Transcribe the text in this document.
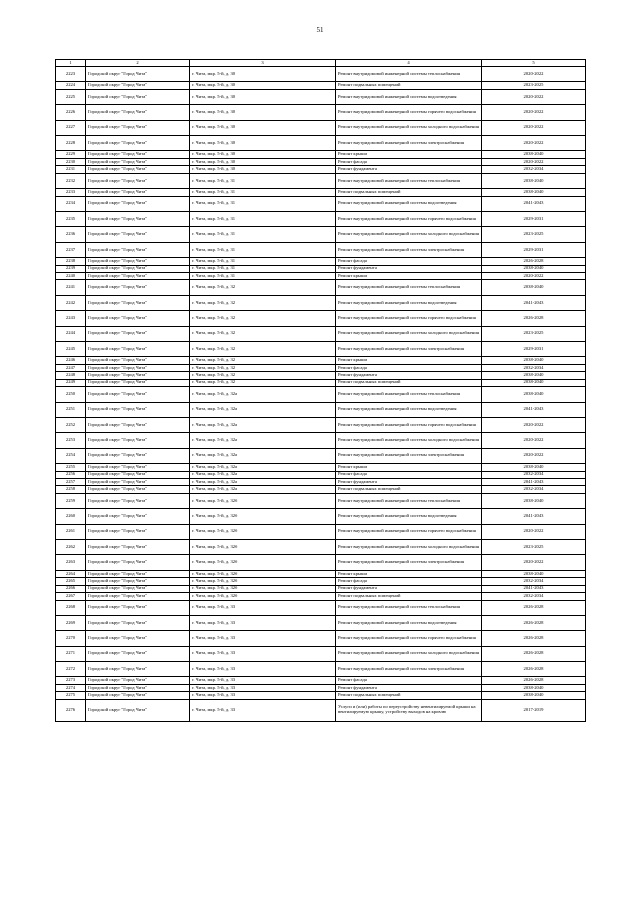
51
1	2	3	4	5
2223	Городской округ "Город Чита"	г. Чита, мкр. 5-й, д. 30	Ремонт внутридомовой инженерной системы теплоснабжения	2020-2022
2224	Городской округ "Город Чита"	г. Чита, мкр. 5-й, д. 30	Ремонт подвальных помещений	2023-2025
2225	Городской округ "Город Чита"	г. Чита, мкр. 5-й, д. 30	Ремонт внутридомовой инженерной системы водоотведения	2020-2022
2226	Городской округ "Город Чита"	г. Чита, мкр. 5-й, д. 30	Ремонт внутридомовой инженерной системы горячего водоснабжения	2020-2022
2227	Городской округ "Город Чита"	г. Чита, мкр. 5-й, д. 30	Ремонт внутридомовой инженерной системы холодного водоснабжения	2020-2022
2228	Городской округ "Город Чита"	г. Чита, мкр. 5-й, д. 30	Ремонт внутридомовой инженерной системы электроснабжения	2020-2022
2229	Городской округ "Город Чита"	г. Чита, мкр. 5-й, д. 30	Ремонт крыши	2038-2040
2230	Городской округ "Город Чита"	г. Чита, мкр. 5-й, д. 30	Ремонт фасада	2020-2022
2231	Городской округ "Город Чита"	г. Чита, мкр. 5-й, д. 30	Ремонт фундамента	2032-2034
2232	Городской округ "Город Чита"	г. Чита, мкр. 5-й, д. 31	Ремонт внутридомовой инженерной системы теплоснабжения	2038-2040
2233	Городской округ "Город Чита"	г. Чита, мкр. 5-й, д. 31	Ремонт подвальных помещений	2038-2040
2234	Городской округ "Город Чита"	г. Чита, мкр. 5-й, д. 31	Ремонт внутридомовой инженерной системы водоотведения	2041-2043
2235	Городской округ "Город Чита"	г. Чита, мкр. 5-й, д. 31	Ремонт внутридомовой инженерной системы горячего водоснабжения	2029-2031
2236	Городской округ "Город Чита"	г. Чита, мкр. 5-й, д. 31	Ремонт внутридомовой инженерной системы холодного водоснабжения	2023-2025
2237	Городской округ "Город Чита"	г. Чита, мкр. 5-й, д. 31	Ремонт внутридомовой инженерной системы электроснабжения	2029-2031
2238	Городской округ "Город Чита"	г. Чита, мкр. 5-й, д. 31	Ремонт фасада	2026-2028
2239	Городской округ "Город Чита"	г. Чита, мкр. 5-й, д. 31	Ремонт фундамента	2038-2040
2240	Городской округ "Город Чита"	г. Чита, мкр. 5-й, д. 31	Ремонт крыши	2020-2022
2241	Городской округ "Город Чита"	г. Чита, мкр. 5-й, д. 32	Ремонт внутридомовой инженерной системы теплоснабжения	2038-2040
2242	Городской округ "Город Чита"	г. Чита, мкр. 5-й, д. 32	Ремонт внутридомовой инженерной системы водоотведения	2041-2043
2243	Городской округ "Город Чита"	г. Чита, мкр. 5-й, д. 32	Ремонт внутридомовой инженерной системы горячего водоснабжения	2026-2028
2244	Городской округ "Город Чита"	г. Чита, мкр. 5-й, д. 32	Ремонт внутридомовой инженерной системы холодного водоснабжения	2023-2025
2245	Городской округ "Город Чита"	г. Чита, мкр. 5-й, д. 32	Ремонт внутридомовой инженерной системы электроснабжения	2029-2031
2246	Городской округ "Город Чита"	г. Чита, мкр. 5-й, д. 32	Ремонт крыши	2038-2040
2247	Городской округ "Город Чита"	г. Чита, мкр. 5-й, д. 32	Ремонт фасада	2032-2034
2248	Городской округ "Город Чита"	г. Чита, мкр. 5-й, д. 32	Ремонт фундамента	2038-2040
2249	Городской округ "Город Чита"	г. Чита, мкр. 5-й, д. 32	Ремонт подвальных помещений	2038-2040
2250	Городской округ "Город Чита"	г. Чита, мкр. 5-й, д. 32а	Ремонт внутридомовой инженерной системы теплоснабжения	2038-2040
2251	Городской округ "Город Чита"	г. Чита, мкр. 5-й, д. 32а	Ремонт внутридомовой инженерной системы водоотведения	2041-2043
2252	Городской округ "Город Чита"	г. Чита, мкр. 5-й, д. 32а	Ремонт внутридомовой инженерной системы горячего водоснабжения	2020-2022
2253	Городской округ "Город Чита"	г. Чита, мкр. 5-й, д. 32а	Ремонт внутридомовой инженерной системы холодного водоснабжения	2020-2022
2254	Городской округ "Город Чита"	г. Чита, мкр. 5-й, д. 32а	Ремонт внутридомовой инженерной системы электроснабжения	2020-2022
2255	Городской округ "Город Чита"	г. Чита, мкр. 5-й, д. 32а	Ремонт крыши	2038-2040
2256	Городской округ "Город Чита"	г. Чита, мкр. 5-й, д. 32а	Ремонт фасада	2032-2034
2257	Городской округ "Город Чита"	г. Чита, мкр. 5-й, д. 32а	Ремонт фундамента	2041-2043
2258	Городской округ "Город Чита"	г. Чита, мкр. 5-й, д. 32а	Ремонт подвальных помещений	2032-2034
2259	Городской округ "Город Чита"	г. Чита, мкр. 5-й, д. 32б	Ремонт внутридомовой инженерной системы теплоснабжения	2038-2040
2260	Городской округ "Город Чита"	г. Чита, мкр. 5-й, д. 32б	Ремонт внутридомовой инженерной системы водоотведения	2041-2043
2261	Городской округ "Город Чита"	г. Чита, мкр. 5-й, д. 32б	Ремонт внутридомовой инженерной системы горячего водоснабжения	2020-2022
2262	Городской округ "Город Чита"	г. Чита, мкр. 5-й, д. 32б	Ремонт внутридомовой инженерной системы холодного водоснабжения	2023-2025
2263	Городской округ "Город Чита"	г. Чита, мкр. 5-й, д. 32б	Ремонт внутридомовой инженерной системы электроснабжения	2020-2022
2264	Городской округ "Город Чита"	г. Чита, мкр. 5-й, д. 32б	Ремонт крыши	2038-2040
2265	Городской округ "Город Чита"	г. Чита, мкр. 5-й, д. 32б	Ремонт фасада	2032-2034
2266	Городской округ "Город Чита"	г. Чита, мкр. 5-й, д. 32б	Ремонт фундамента	2041-2043
2267	Городской округ "Город Чита"	г. Чита, мкр. 5-й, д. 32б	Ремонт подвальных помещений	2032-2034
2268	Городской округ "Город Чита"	г. Чита, мкр. 5-й, д. 33	Ремонт внутридомовой инженерной системы теплоснабжения	2026-2028
2269	Городской округ "Город Чита"	г. Чита, мкр. 5-й, д. 33	Ремонт внутридомовой инженерной системы водоотведения	2026-2028
2270	Городской округ "Город Чита"	г. Чита, мкр. 5-й, д. 33	Ремонт внутридомовой инженерной системы горячего водоснабжения	2026-2028
2271	Городской округ "Город Чита"	г. Чита, мкр. 5-й, д. 33	Ремонт внутридомовой инженерной системы холодного водоснабжения	2026-2028
2272	Городской округ "Город Чита"	г. Чита, мкр. 5-й, д. 33	Ремонт внутридомовой инженерной системы электроснабжения	2026-2028
2273	Городской округ "Город Чита"	г. Чита, мкр. 5-й, д. 33	Ремонт фасада	2026-2028
2274	Городской округ "Город Чита"	г. Чита, мкр. 5-й, д. 33	Ремонт фундамента	2038-2040
2275	Городской округ "Город Чита"	г. Чита, мкр. 5-й, д. 33	Ремонт подвальных помещений	2038-2040
2276	Городской округ "Город Чита"	г. Чита, мкр. 5-й, д. 33	Услуги и (или) работы по переустройству невентилируемой крыши на вентилируемую крышу, устройству выходов на кровлю	2017-2019
